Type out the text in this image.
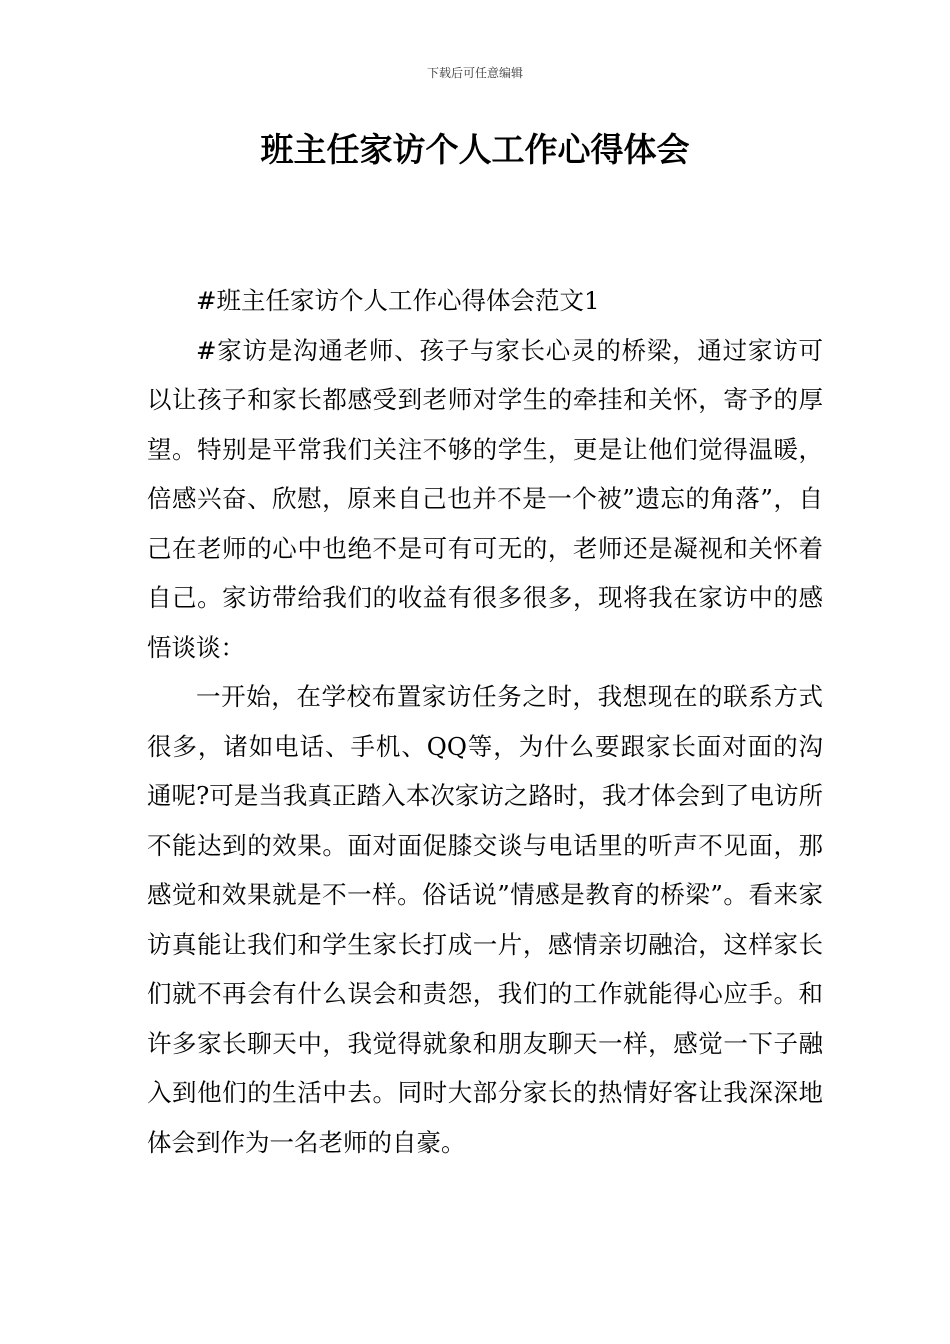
下载后可任意编辑
班主任家访个人工作心得体会

#班主任家访个人工作心得体会范文1

#家访是沟通老师、孩子与家长心灵的桥梁，通过家访可以让孩子和家长都感受到老师对学生的牵挂和关怀，寄予的厚望。特别是平常我们关注不够的学生，更是让他们觉得温暖，倍感兴奋、欣慰，原来自己也并不是一个被”遗忘的角落”，自己在老师的心中也绝不是可有可无的，老师还是凝视和关怀着自己。家访带给我们的收益有很多很多，现将我在家访中的感悟谈谈：

一开始，在学校布置家访任务之时，我想现在的联系方式很多，诸如电话、手机、QQ等，为什么要跟家长面对面的沟通呢?可是当我真正踏入本次家访之路时，我才体会到了电访所不能达到的效果。面对面促膝交谈与电话里的听声不见面，那感觉和效果就是不一样。俗话说”情感是教育的桥梁”。看来家访真能让我们和学生家长打成一片，感情亲切融洽，这样家长们就不再会有什么误会和责怨，我们的工作就能得心应手。和许多家长聊天中，我觉得就象和朋友聊天一样，感觉一下子融入到他们的生活中去。同时大部分家长的热情好客让我深深地体会到作为一名老师的自豪。
